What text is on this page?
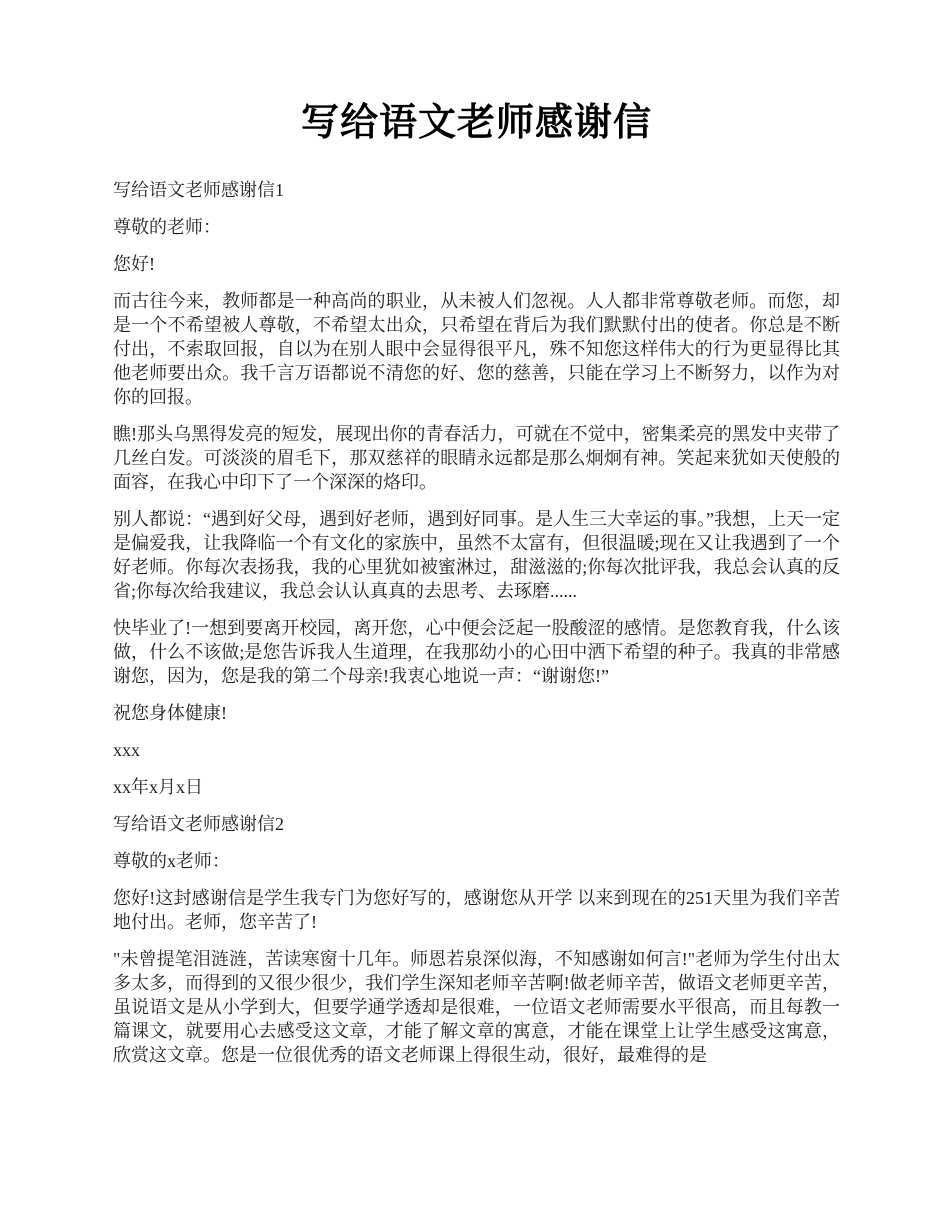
写给语文老师感谢信

写给语文老师感谢信1

尊敬的老师：

您好!

而古往今来，教师都是一种高尚的职业，从未被人们忽视。人人都非常尊敬老师。而您，却是一个不希望被人尊敬，不希望太出众，只希望在背后为我们默默付出的使者。你总是不断付出，不索取回报，自以为在别人眼中会显得很平凡，殊不知您这样伟大的行为更显得比其他老师要出众。我千言万语都说不清您的好、您的慈善，只能在学习上不断努力，以作为对你的回报。

瞧!那头乌黑得发亮的短发，展现出你的青春活力，可就在不觉中，密集柔亮的黑发中夹带了几丝白发。可淡淡的眉毛下，那双慈祥的眼睛永远都是那么炯炯有神。笑起来犹如天使般的面容，在我心中印下了一个深深的烙印。

别人都说：“遇到好父母，遇到好老师，遇到好同事。是人生三大幸运的事。”我想，上天一定是偏爱我，让我降临一个有文化的家族中，虽然不太富有，但很温暖;现在又让我遇到了一个好老师。你每次表扬我，我的心里犹如被蜜淋过，甜滋滋的;你每次批评我，我总会认真的反省;你每次给我建议，我总会认认真真的去思考、去琢磨......

快毕业了!一想到要离开校园，离开您，心中便会泛起一股酸涩的感情。是您教育我，什么该做，什么不该做;是您告诉我人生道理，在我那幼小的心田中洒下希望的种子。我真的非常感谢您，因为，您是我的第二个母亲!我衷心地说一声：“谢谢您!”

祝您身体健康!

xxx

xx年x月x日

写给语文老师感谢信2

尊敬的x老师：

您好!这封感谢信是学生我专门为您好写的，感谢您从开学 以来到现在的251天里为我们辛苦地付出。老师，您辛苦了!

"未曾提笔泪涟涟，苦读寒窗十几年。师恩若泉深似海，不知感谢如何言!"老师为学生付出太多太多，而得到的又很少很少，我们学生深知老师辛苦啊!做老师辛苦，做语文老师更辛苦，虽说语文是从小学到大，但要学通学透却是很难，一位语文老师需要水平很高，而且每教一篇课文，就要用心去感受这文章，才能了解文章的寓意，才能在课堂上让学生感受这寓意，欣赏这文章。您是一位很优秀的语文老师课上得很生动，很好，最难得的是
